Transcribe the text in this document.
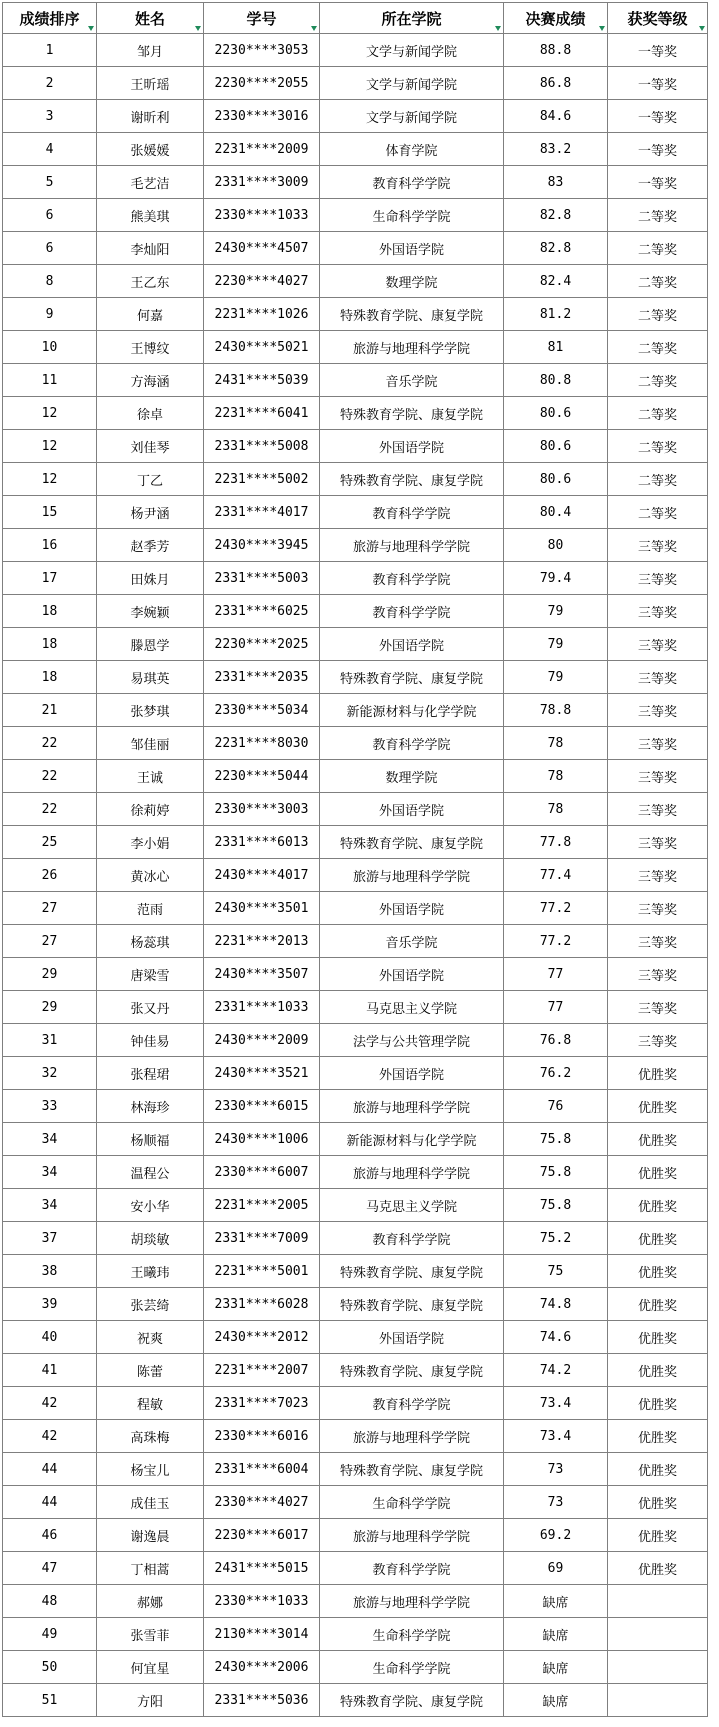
成绩排序	姓名	学号	所在学院	决赛成绩	获奖等级

1	邹月	2230****3053	文学与新闻学院	88.8	一等奖
2	王昕瑶	2230****2055	文学与新闻学院	86.8	一等奖
3	谢昕利	2330****3016	文学与新闻学院	84.6	一等奖
4	张媛媛	2231****2009	体育学院	83.2	一等奖
5	毛艺洁	2331****3009	教育科学学院	83	一等奖
6	熊美琪	2330****1033	生命科学学院	82.8	二等奖
6	李灿阳	2430****4507	外国语学院	82.8	二等奖
8	王乙东	2230****4027	数理学院	82.4	二等奖
9	何嘉	2231****1026	特殊教育学院、康复学院	81.2	二等奖
10	王博纹	2430****5021	旅游与地理科学学院	81	二等奖
11	方海涵	2431****5039	音乐学院	80.8	二等奖
12	徐卓	2231****6041	特殊教育学院、康复学院	80.6	二等奖
12	刘佳琴	2331****5008	外国语学院	80.6	二等奖
12	丁乙	2231****5002	特殊教育学院、康复学院	80.6	二等奖
15	杨尹涵	2331****4017	教育科学学院	80.4	二等奖
16	赵季芳	2430****3945	旅游与地理科学学院	80	三等奖
17	田姝月	2331****5003	教育科学学院	79.4	三等奖
18	李婉颖	2331****6025	教育科学学院	79	三等奖
18	滕恩学	2230****2025	外国语学院	79	三等奖
18	易琪英	2331****2035	特殊教育学院、康复学院	79	三等奖
21	张梦琪	2330****5034	新能源材料与化学学院	78.8	三等奖
22	邹佳丽	2231****8030	教育科学学院	78	三等奖
22	王诚	2230****5044	数理学院	78	三等奖
22	徐莉婷	2330****3003	外国语学院	78	三等奖
25	李小娟	2331****6013	特殊教育学院、康复学院	77.8	三等奖
26	黄冰心	2430****4017	旅游与地理科学学院	77.4	三等奖
27	范雨	2430****3501	外国语学院	77.2	三等奖
27	杨蕊琪	2231****2013	音乐学院	77.2	三等奖
29	唐梁雪	2430****3507	外国语学院	77	三等奖
29	张又丹	2331****1033	马克思主义学院	77	三等奖
31	钟佳易	2430****2009	法学与公共管理学院	76.8	三等奖
32	张程珺	2430****3521	外国语学院	76.2	优胜奖
33	林海珍	2330****6015	旅游与地理科学学院	76	优胜奖
34	杨顺福	2430****1006	新能源材料与化学学院	75.8	优胜奖
34	温程公	2330****6007	旅游与地理科学学院	75.8	优胜奖
34	安小华	2231****2005	马克思主义学院	75.8	优胜奖
37	胡琰敏	2331****7009	教育科学学院	75.2	优胜奖
38	王曦玮	2231****5001	特殊教育学院、康复学院	75	优胜奖
39	张芸绮	2331****6028	特殊教育学院、康复学院	74.8	优胜奖
40	祝爽	2430****2012	外国语学院	74.6	优胜奖
41	陈蕾	2231****2007	特殊教育学院、康复学院	74.2	优胜奖
42	程敏	2331****7023	教育科学学院	73.4	优胜奖
42	高珠梅	2330****6016	旅游与地理科学学院	73.4	优胜奖
44	杨宝儿	2331****6004	特殊教育学院、康复学院	73	优胜奖
44	成佳玉	2330****4027	生命科学学院	73	优胜奖
46	谢逸晨	2230****6017	旅游与地理科学学院	69.2	优胜奖
47	丁相蒿	2431****5015	教育科学学院	69	优胜奖
48	郝娜	2330****1033	旅游与地理科学学院	缺席	
49	张雪菲	2130****3014	生命科学学院	缺席	
50	何宜星	2430****2006	生命科学学院	缺席	
51	方阳	2331****5036	特殊教育学院、康复学院	缺席	
